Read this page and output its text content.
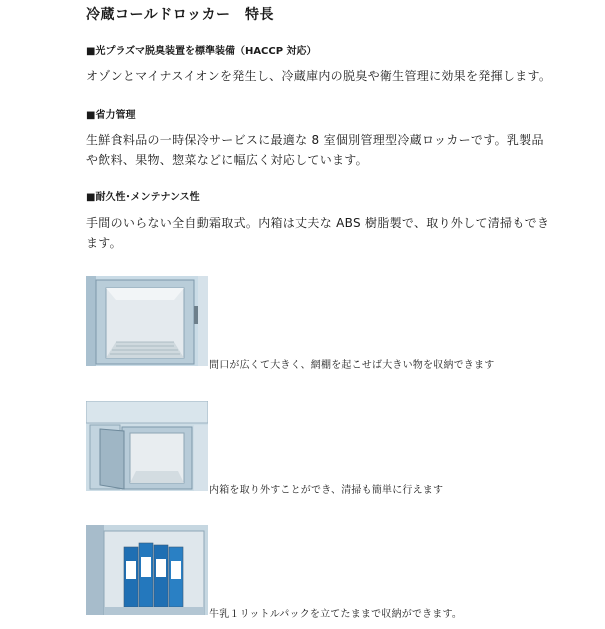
冷蔵コールドロッカー　特長
■光プラズマ脱臭装置を標準装備（HACCP 対応）
オゾンとマイナスイオンを発生し、冷蔵庫内の脱臭や衛生管理に効果を発揮します。
■省力管理
生鮮食料品の一時保冷サービスに最適な 8 室個別管理型冷蔵ロッカーです。乳製品
や飲料、果物、惣菜などに幅広く対応しています。
■耐久性･メンテナンス性
手間のいらない全自動霜取式。内箱は丈夫な ABS 樹脂製で、取り外して清掃もでき
ます。
間口が広くて大きく、網棚を起こせば大きい物を収納できます
内箱を取り外すことができ、清掃も簡単に行えます
牛乳１リットルパックを立てたままで収納ができます。
